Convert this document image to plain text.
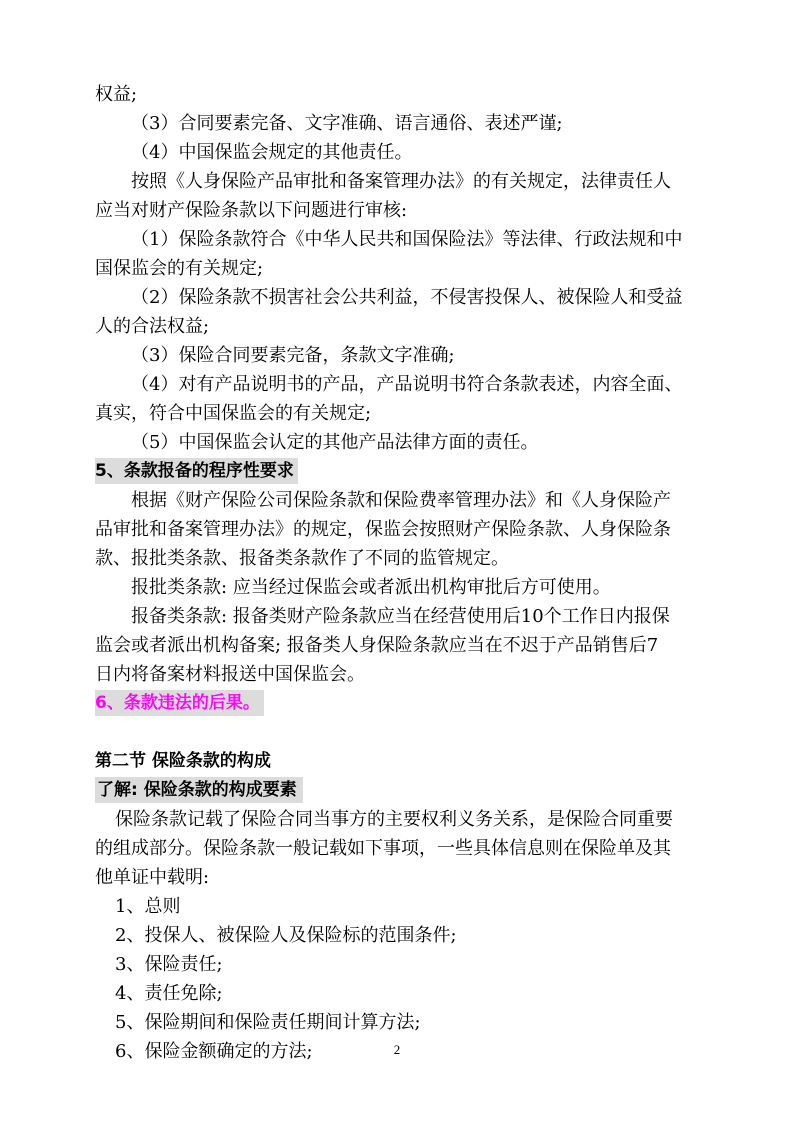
权益;

（3）合同要素完备、文字准确、语言通俗、表述严谨;

（4）中国保监会规定的其他责任。

按照《人身保险产品审批和备案管理办法》的有关规定，法律责任人

应当对财产保险条款以下问题进行审核:

（1）保险条款符合《中华人民共和国保险法》等法律、行政法规和中

国保监会的有关规定;

（2）保险条款不损害社会公共利益，不侵害投保人、被保险人和受益

人的合法权益;

（3）保险合同要素完备，条款文字准确;

（4）对有产品说明书的产品，产品说明书符合条款表述，内容全面、

真实，符合中国保监会的有关规定;

（5）中国保监会认定的其他产品法律方面的责任。

5、条款报备的程序性要求

根据《财产保险公司保险条款和保险费率管理办法》和《人身保险产

品审批和备案管理办法》的规定，保监会按照财产保险条款、人身保险条

款、报批类条款、报备类条款作了不同的监管规定。

报批类条款: 应当经过保监会或者派出机构审批后方可使用。

报备类条款: 报备类财产险条款应当在经营使用后10个工作日内报保

监会或者派出机构备案; 报备类人身保险条款应当在不迟于产品销售后7

日内将备案材料报送中国保监会。

6、条款违法的后果。

第二节 保险条款的构成

了解: 保险条款的构成要素

保险条款记载了保险合同当事方的主要权利义务关系，是保险合同重要

的组成部分。保险条款一般记载如下事项，一些具体信息则在保险单及其

他单证中载明:

1、总则

2、投保人、被保险人及保险标的范围条件;

3、保险责任;

4、责任免除;

5、保险期间和保险责任期间计算方法;

6、保险金额确定的方法;	2
